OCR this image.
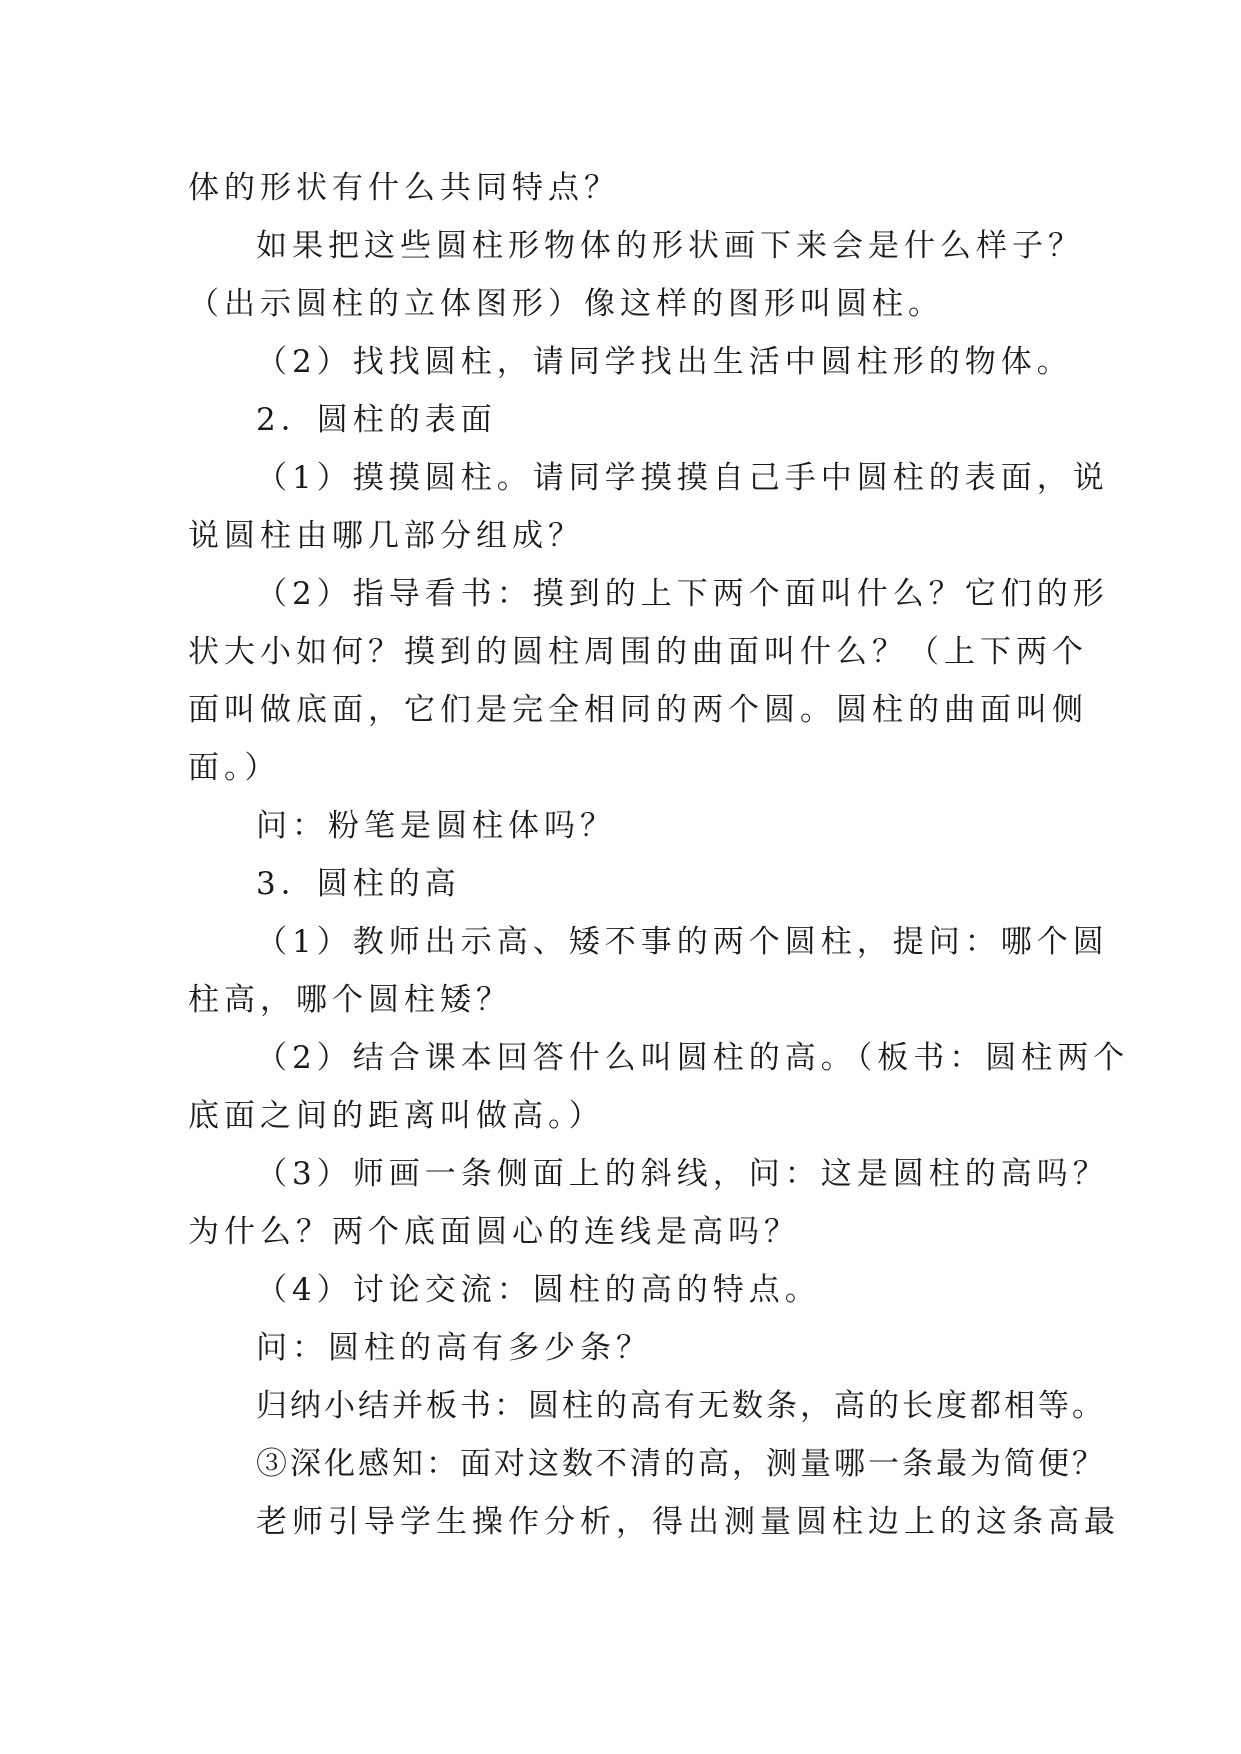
体的形状有什么共同特点？
如果把这些圆柱形物体的形状画下来会是什么样子？
（出示圆柱的立体图形）像这样的图形叫圆柱。
（2）找找圆柱，请同学找出生活中圆柱形的物体。
2．圆柱的表面
（1）摸摸圆柱。请同学摸摸自己手中圆柱的表面，说
说圆柱由哪几部分组成？
（2）指导看书：摸到的上下两个面叫什么？它们的形
状大小如何？摸到的圆柱周围的曲面叫什么？（上下两个
面叫做底面，它们是完全相同的两个圆。圆柱的曲面叫侧
面。）
问：粉笔是圆柱体吗？
3．圆柱的高
（1）教师出示高、矮不事的两个圆柱，提问：哪个圆
柱高，哪个圆柱矮？
（2）结合课本回答什么叫圆柱的高。（板书：圆柱两个
底面之间的距离叫做高。）
（3）师画一条侧面上的斜线，问：这是圆柱的高吗？
为什么？两个底面圆心的连线是高吗？
（4）讨论交流：圆柱的高的特点。
问：圆柱的高有多少条？
归纳小结并板书：圆柱的高有无数条，高的长度都相等。
③深化感知：面对这数不清的高，测量哪一条最为简便？
老师引导学生操作分析，得出测量圆柱边上的这条高最
